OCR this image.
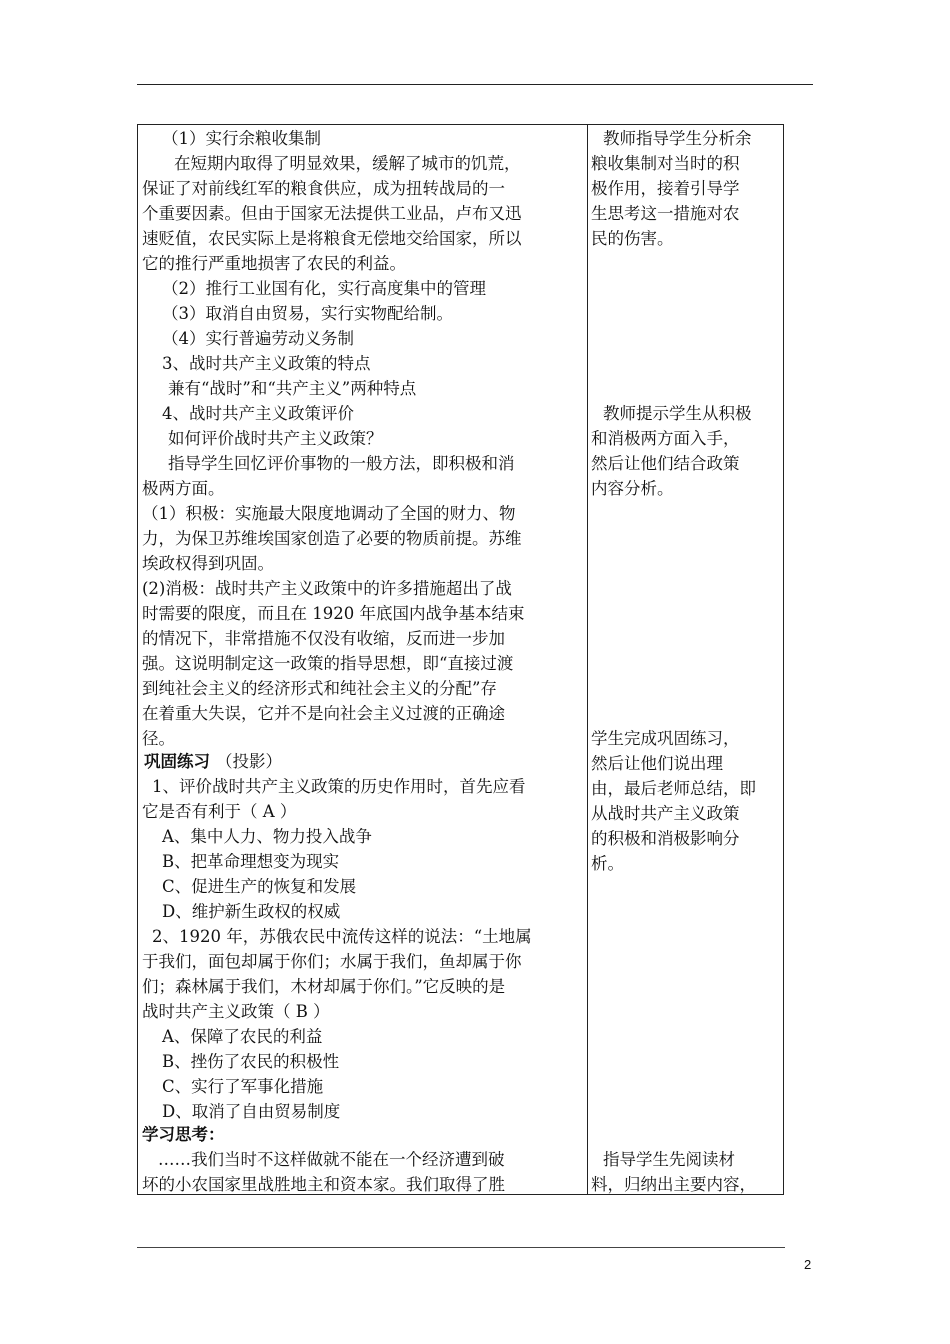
（1）实行余粮收集制
在短期内取得了明显效果，缓解了城市的饥荒，
保证了对前线红军的粮食供应，成为扭转战局的一
个重要因素。但由于国家无法提供工业品，卢布又迅
速贬值，农民实际上是将粮食无偿地交给国家，所以
它的推行严重地损害了农民的利益。
（2）推行工业国有化，实行高度集中的管理
（3）取消自由贸易，实行实物配给制。
（4）实行普遍劳动义务制
3、战时共产主义政策的特点
兼有“战时”和“共产主义”两种特点
4、战时共产主义政策评价
如何评价战时共产主义政策？
指导学生回忆评价事物的一般方法，即积极和消
极两方面。
（1）积极：实施最大限度地调动了全国的财力、物
力，为保卫苏维埃国家创造了必要的物质前提。苏维
埃政权得到巩固。
(2)消极：战时共产主义政策中的许多措施超出了战
时需要的限度，而且在 1920 年底国内战争基本结束
的情况下，非常措施不仅没有收缩，反而进一步加
强。这说明制定这一政策的指导思想，即“直接过渡
到纯社会主义的经济形式和纯社会主义的分配”存
在着重大失误，它并不是向社会主义过渡的正确途
径。
巩固练习 （投影）
1、评价战时共产主义政策的历史作用时，首先应看
它是否有利于（ A ）
A、集中人力、物力投入战争
B、把革命理想变为现实
C、促进生产的恢复和发展
D、维护新生政权的权威
2、1920 年，苏俄农民中流传这样的说法：“土地属
于我们，面包却属于你们；水属于我们，鱼却属于你
们；森林属于我们，木材却属于你们。”它反映的是
战时共产主义政策（ B ）
A、保障了农民的利益
B、挫伤了农民的积极性
C、实行了军事化措施
D、取消了自由贸易制度
学习思考：
……我们当时不这样做就不能在一个经济遭到破
坏的小农国家里战胜地主和资本家。我们取得了胜
教师指导学生分析余
粮收集制对当时的积
极作用，接着引导学
生思考这一措施对农
民的伤害。
教师提示学生从积极
和消极两方面入手，
然后让他们结合政策
内容分析。
学生完成巩固练习，
然后让他们说出理
由，最后老师总结，即
从战时共产主义政策
的积极和消极影响分
析。
指导学生先阅读材
料，归纳出主要内容，
2
